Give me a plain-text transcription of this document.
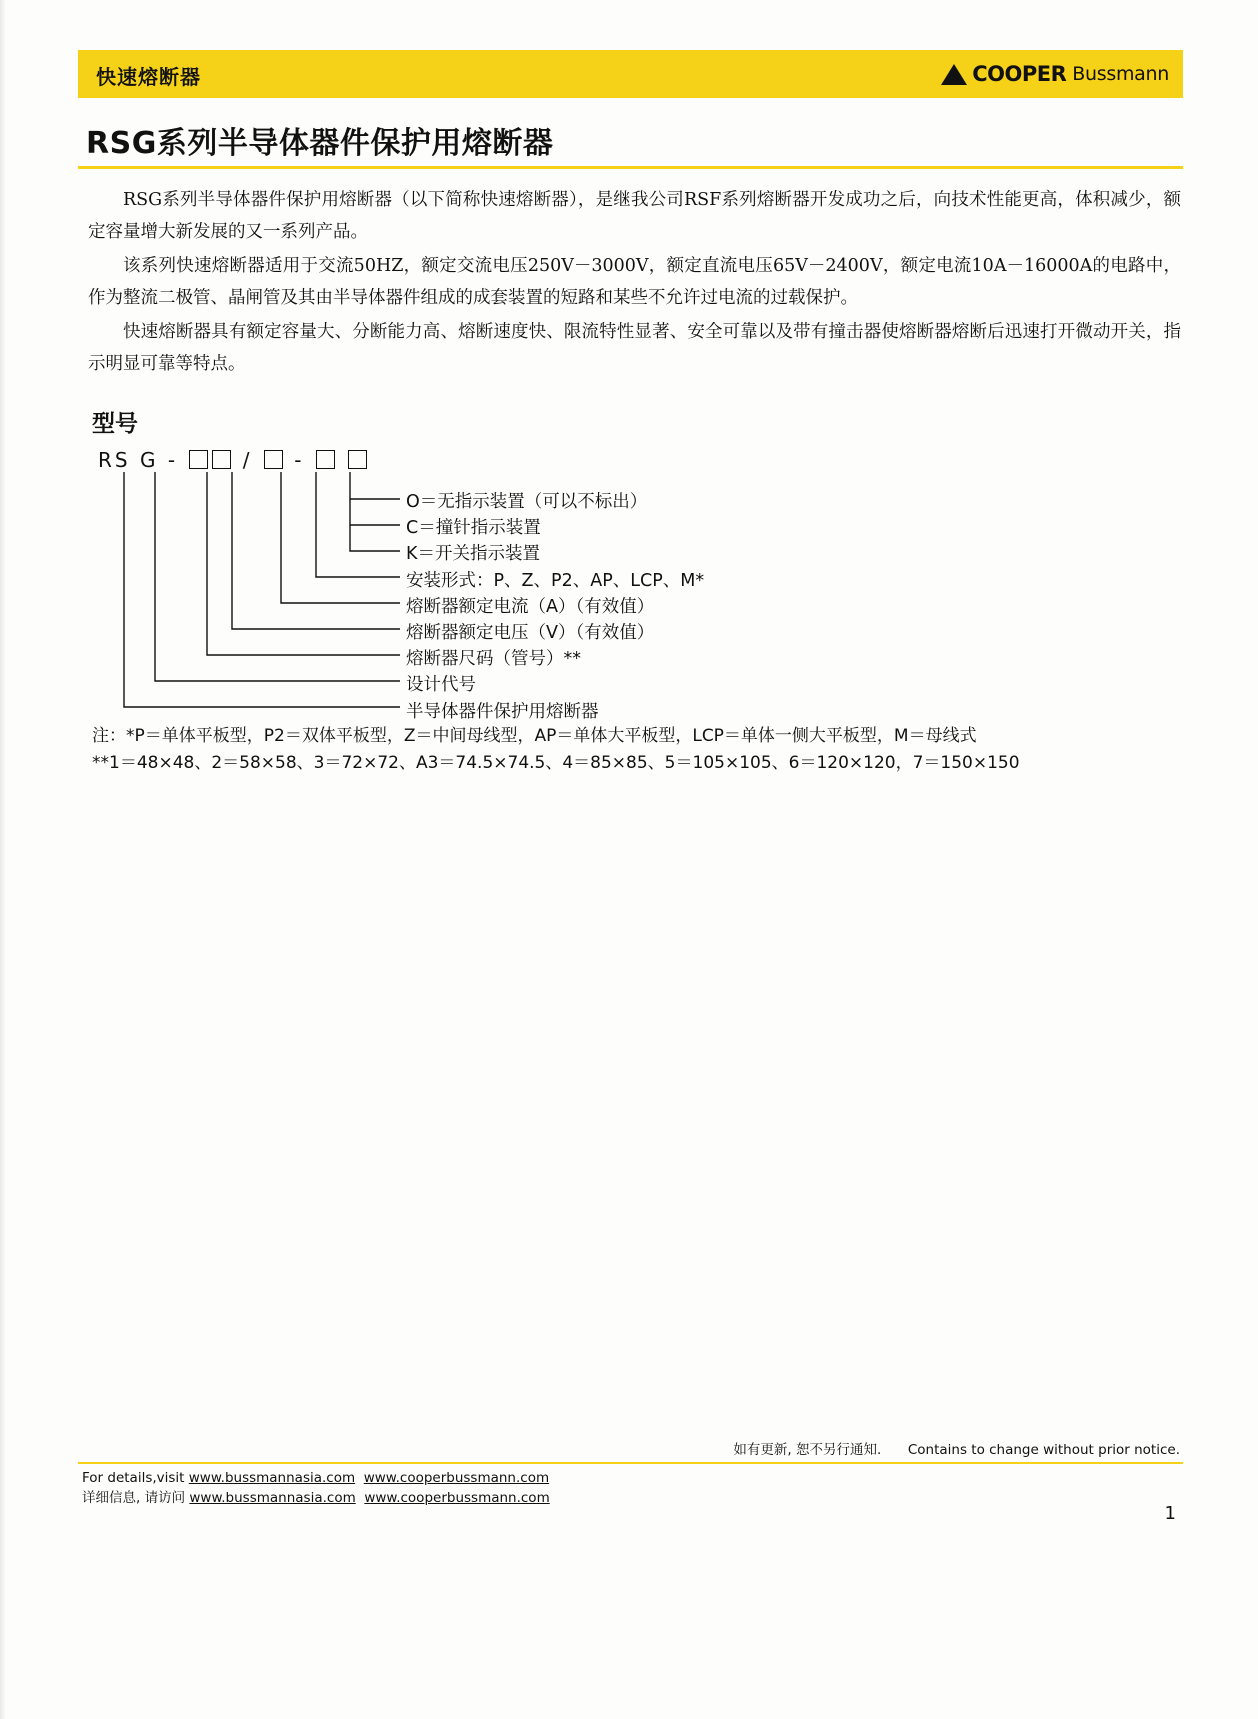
快速熔断器	COOPER Bussmann
RSG系列半导体器件保护用熔断器

RSG系列半导体器件保护用熔断器（以下简称快速熔断器），是继我公司RSF系列熔断器开发成功之后，向技术性能更高，体积减少，额定容量增大新发展的又一系列产品。

该系列快速熔断器适用于交流50HZ，额定交流电压250V－3000V，额定直流电压65V－2400V，额定电流10A－16000A的电路中，作为整流二极管、晶闸管及其由半导体器件组成的成套装置的短路和某些不允许过电流的过载保护。

快速熔断器具有额定容量大、分断能力高、熔断速度快、限流特性显著、安全可靠以及带有撞击器使熔断器熔断后迅速打开微动开关，指示明显可靠等特点。

型号
RS G -  /  -
O＝无指示装置（可以不标出）
C＝撞针指示装置
K＝开关指示装置
安装形式：P、Z、P2、AP、LCP、M*
熔断器额定电流（A）（有效值）
熔断器额定电压（V）（有效值）
熔断器尺码（管号）**
设计代号
半导体器件保护用熔断器
注：*P＝单体平板型，P2＝双体平板型，Z＝中间母线型，AP＝单体大平板型，LCP＝单体一侧大平板型，M＝母线式
**1＝48×48、2＝58×58、3＝72×72、A3＝74.5×74.5、4＝85×85、5＝105×105、6＝120×120，7＝150×150
如有更新, 恕不另行通知. Contains to change without prior notice.
For details,visit www.bussmannasia.com www.cooperbussmann.com
详细信息, 请访问 www.bussmannasia.com www.cooperbussmann.com
1
